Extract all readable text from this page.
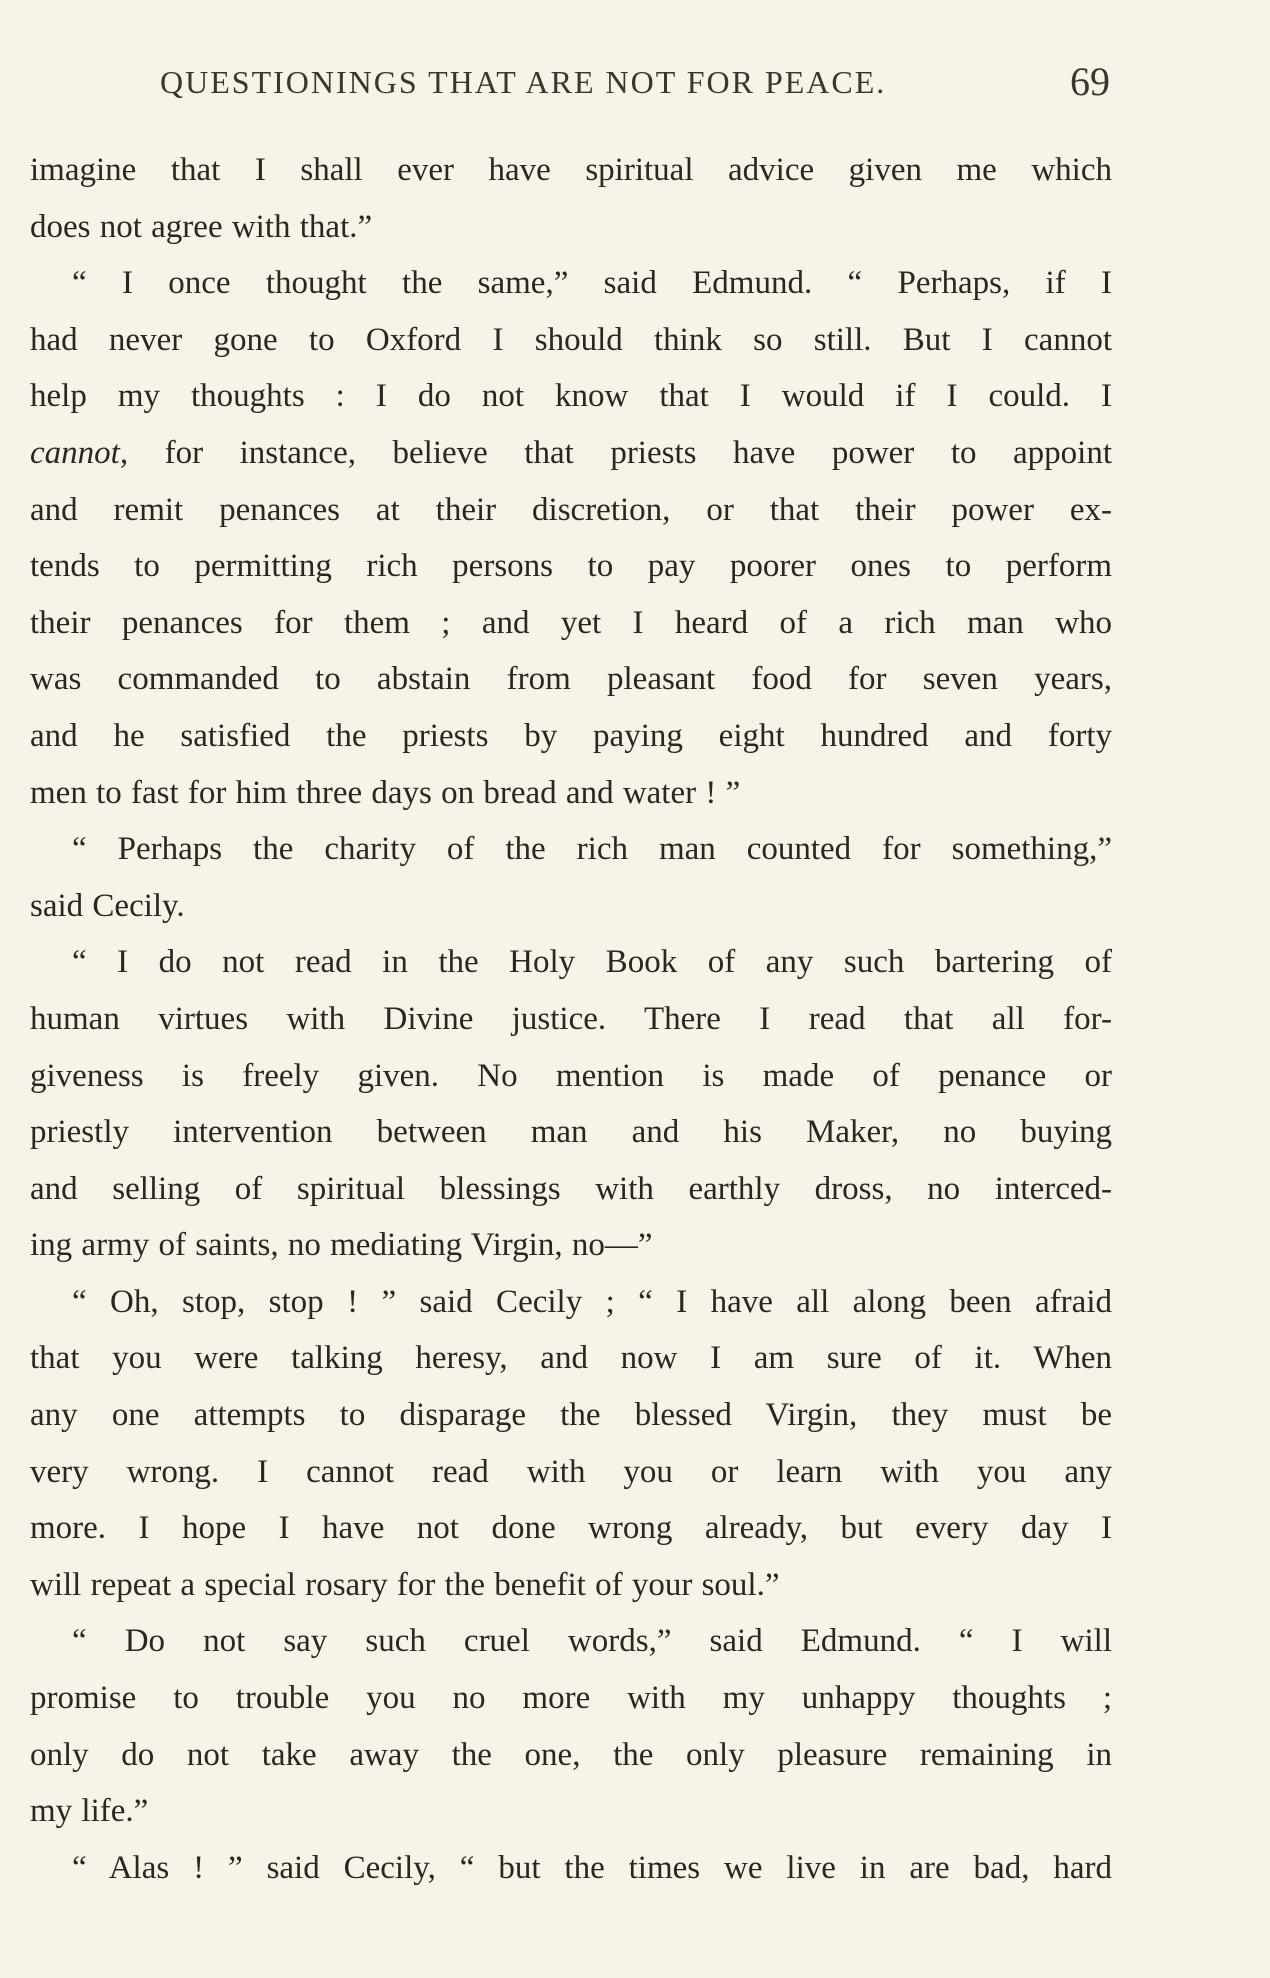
QUESTIONINGS THAT ARE NOT FOR PEACE.	69
imagine that I shall ever have spiritual advice given me which
does not agree with that.”
“ I once thought the same,” said Edmund. “ Perhaps, if I
had never gone to Oxford I should think so still. But I cannot
help my thoughts : I do not know that I would if I could. I
cannot, for instance, believe that priests have power to appoint
and remit penances at their discretion, or that their power ex-
tends to permitting rich persons to pay poorer ones to perform
their penances for them ; and yet I heard of a rich man who
was commanded to abstain from pleasant food for seven years,
and he satisfied the priests by paying eight hundred and forty
men to fast for him three days on bread and water ! ”
“ Perhaps the charity of the rich man counted for something,”
said Cecily.
“ I do not read in the Holy Book of any such bartering of
human virtues with Divine justice. There I read that all for-
giveness is freely given. No mention is made of penance or
priestly intervention between man and his Maker, no buying
and selling of spiritual blessings with earthly dross, no interced-
ing army of saints, no mediating Virgin, no—”
“ Oh, stop, stop ! ” said Cecily ; “ I have all along been afraid
that you were talking heresy, and now I am sure of it. When
any one attempts to disparage the blessed Virgin, they must be
very wrong. I cannot read with you or learn with you any
more. I hope I have not done wrong already, but every day I
will repeat a special rosary for the benefit of your soul.”
“ Do not say such cruel words,” said Edmund. “ I will
promise to trouble you no more with my unhappy thoughts ;
only do not take away the one, the only pleasure remaining in
my life.”
“ Alas ! ” said Cecily, “ but the times we live in are bad, hard
